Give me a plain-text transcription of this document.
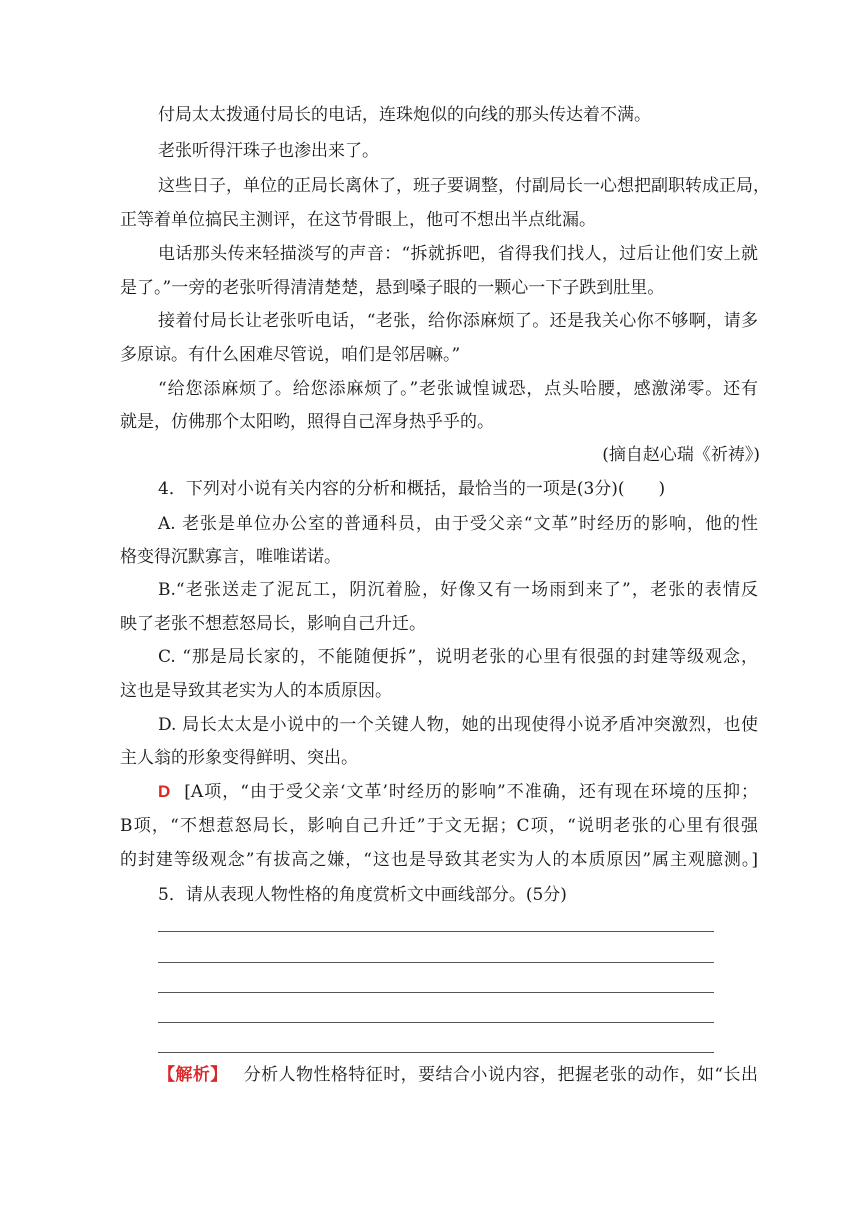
付局太太拨通付局长的电话，连珠炮似的向线的那头传达着不满。
老张听得汗珠子也渗出来了。
这些日子，单位的正局长离休了，班子要调整，付副局长一心想把副职转成正局，
正等着单位搞民主测评，在这节骨眼上，他可不想出半点纰漏。
电话那头传来轻描淡写的声音：“拆就拆吧，省得我们找人，过后让他们安上就
是了。”一旁的老张听得清清楚楚，悬到嗓子眼的一颗心一下子跌到肚里。
接着付局长让老张听电话，“老张，给你添麻烦了。还是我关心你不够啊，请多
多原谅。有什么困难尽管说，咱们是邻居嘛。”
“给您添麻烦了。给您添麻烦了。”老张诚惶诚恐，点头哈腰，感激涕零。还有
就是，仿佛那个太阳哟，照得自己浑身热乎乎的。
(摘自赵心瑞《祈祷》)
4．下列对小说有关内容的分析和概括，最恰当的一项是(3分)(　　)
A. 老张是单位办公室的普通科员，由于受父亲“文革”时经历的影响，他的性
格变得沉默寡言，唯唯诺诺。
B.“老张送走了泥瓦工，阴沉着脸，好像又有一场雨到来了”，老张的表情反
映了老张不想惹怒局长，影响自己升迁。
C. “那是局长家的，不能随便拆”，说明老张的心里有很强的封建等级观念，
这也是导致其老实为人的本质原因。
D. 局长太太是小说中的一个关键人物，她的出现使得小说矛盾冲突激烈，也使
主人翁的形象变得鲜明、突出。
D [A项，“由于受父亲‘文革’时经历的影响”不准确，还有现在环境的压抑；
B项，“不想惹怒局长，影响自己升迁”于文无据；C项，“说明老张的心里有很强
的封建等级观念”有拔高之嫌，“这也是导致其老实为人的本质原因”属主观臆测。]
5．请从表现人物性格的角度赏析文中画线部分。(5分)
【解析】 分析人物性格特征时，要结合小说内容，把握老张的动作，如“长出
